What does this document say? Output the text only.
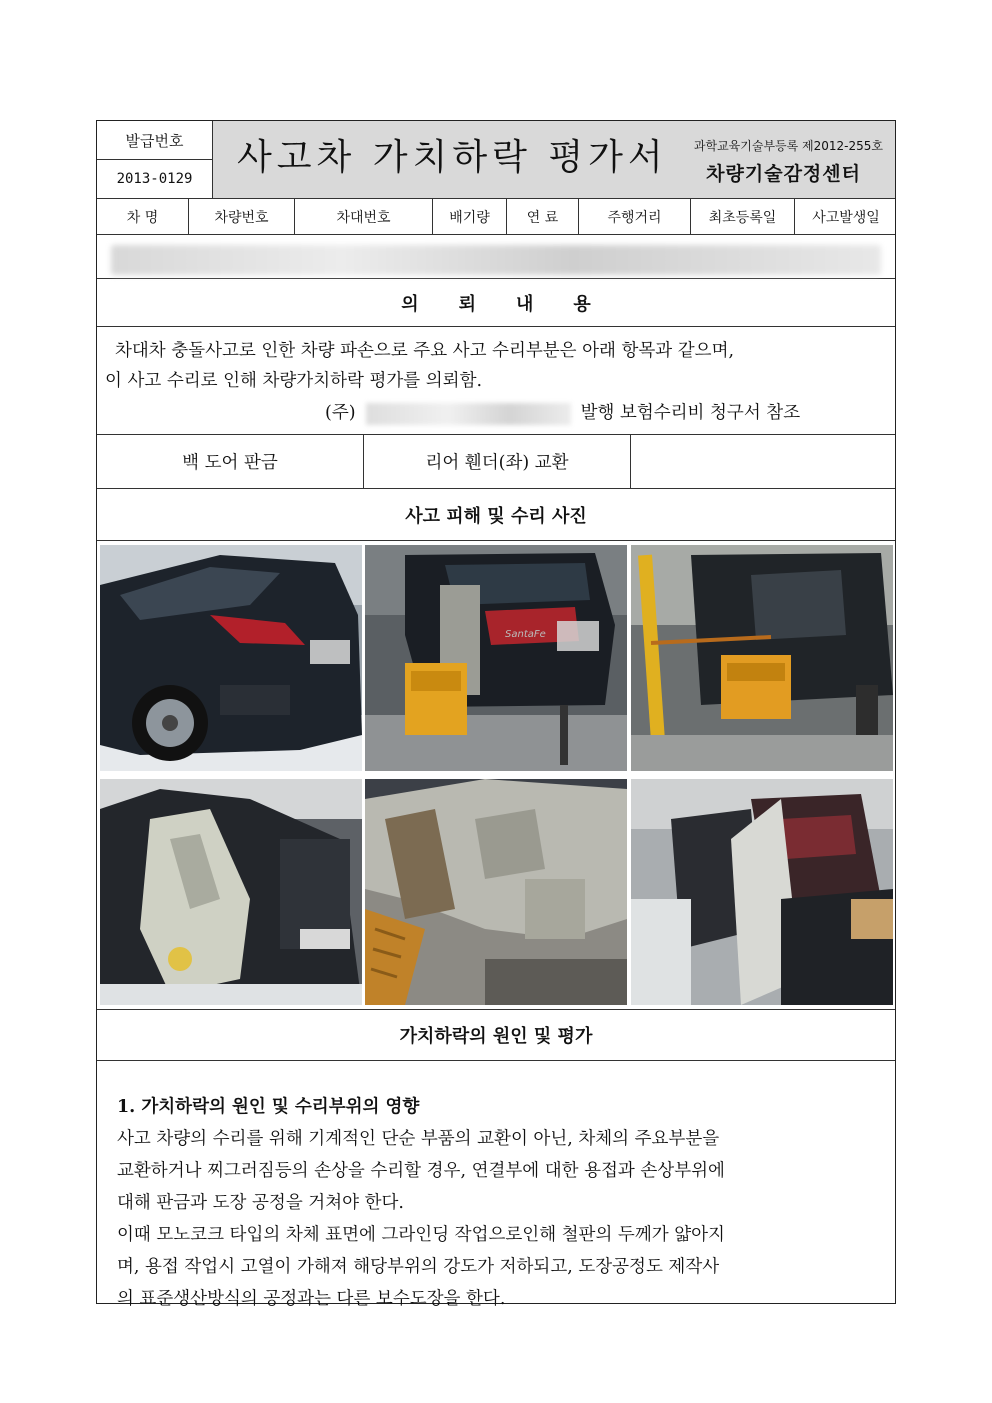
발급번호
2013-0129
사고차 가치하락 평가서 과학교육기술부등록 제2012-255호
차량기술감정센터
차 명	차량번호	차대번호	배기량	연 료	주행거리	최초등록일	사고발생일
의뢰내용
차대차 충돌사고로 인한 차량 파손으로 주요 사고 수리부분은 아래 항목과 같으며,
이 사고 수리로 인해 차량가치하락 평가를 의뢰함.
(주)	발행 보험수리비 청구서 참조
백 도어 판금	리어 휀더(좌) 교환
사고 피해 및 수리 사진
SantaFe
가치하락의 원인 및 평가
1. 가치하락의 원인 및 수리부위의 영향
사고 차량의 수리를 위해 기계적인 단순 부품의 교환이 아닌, 차체의 주요부분을
교환하거나 찌그러짐등의 손상을 수리할 경우, 연결부에 대한 용접과 손상부위에
대해 판금과 도장 공정을 거쳐야 한다.
이때 모노코크 타입의 차체 표면에 그라인딩 작업으로인해 철판의 두께가 얇아지
며, 용접 작업시 고열이 가해져 해당부위의 강도가 저하되고, 도장공정도 제작사
의 표준생산방식의 공정과는 다른 보수도장을 한다.
